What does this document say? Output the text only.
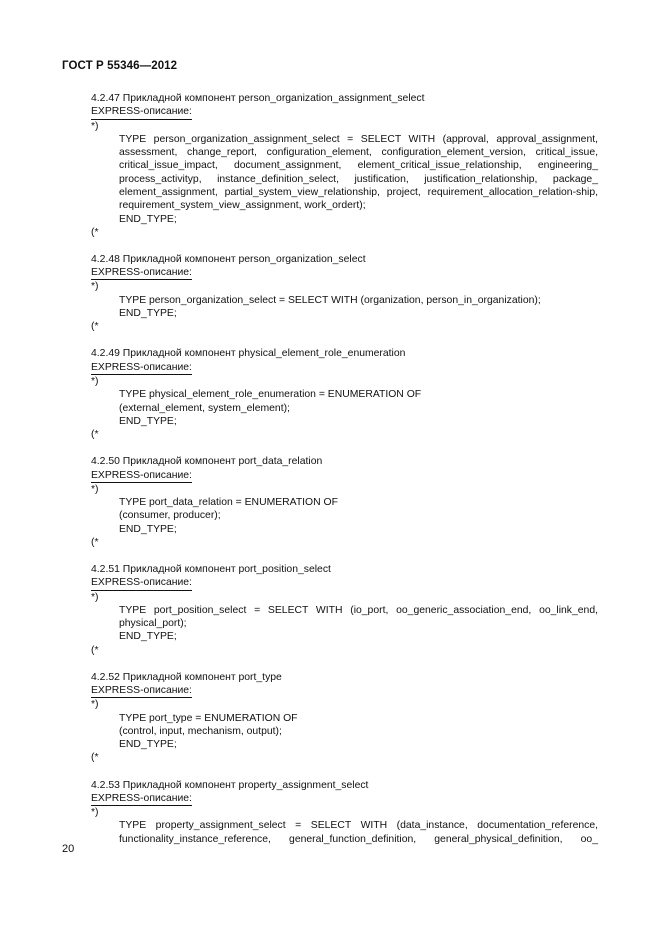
ГОСТ Р 55346—2012
4.2.47 Прикладной компонент person_organization_assignment_select
EXPRESS-описание:
*)
TYPE person_organization_assignment_select = SELECT WITH (approval, approval_assignment, assessment, change_report, configuration_element, configuration_element_version, critical_issue, critical_issue_impact, document_assignment, element_critical_issue_relationship, engineering_ process_activityp, instance_definition_select, justification, justification_relationship, package_ element_assignment, partial_system_view_relationship, project, requirement_allocation_relation-ship, requirement_system_view_assignment, work_ordert);
END_TYPE;
(*
4.2.48 Прикладной компонент person_organization_select
EXPRESS-описание:
*)
TYPE person_organization_select = SELECT WITH (organization, person_in_organization);
END_TYPE;
(*
4.2.49 Прикладной компонент physical_element_role_enumeration
EXPRESS-описание:
*)
TYPE physical_element_role_enumeration = ENUMERATION OF
(external_element, system_element);
END_TYPE;
(*
4.2.50 Прикладной компонент port_data_relation
EXPRESS-описание:
*)
TYPE port_data_relation = ENUMERATION OF
(consumer, producer);
END_TYPE;
(*
4.2.51 Прикладной компонент port_position_select
EXPRESS-описание:
*)
TYPE port_position_select = SELECT WITH (io_port, oo_generic_association_end, oo_link_end, physical_port);
END_TYPE;
(*
4.2.52 Прикладной компонент port_type
EXPRESS-описание:
*)
TYPE port_type = ENUMERATION OF
(control, input, mechanism, output);
END_TYPE;
(*
4.2.53 Прикладной компонент property_assignment_select
EXPRESS-описание:
*)
TYPE property_assignment_select = SELECT WITH (data_instance, documentation_reference, functionality_instance_reference, general_function_definition, general_physical_definition, oo_
20
